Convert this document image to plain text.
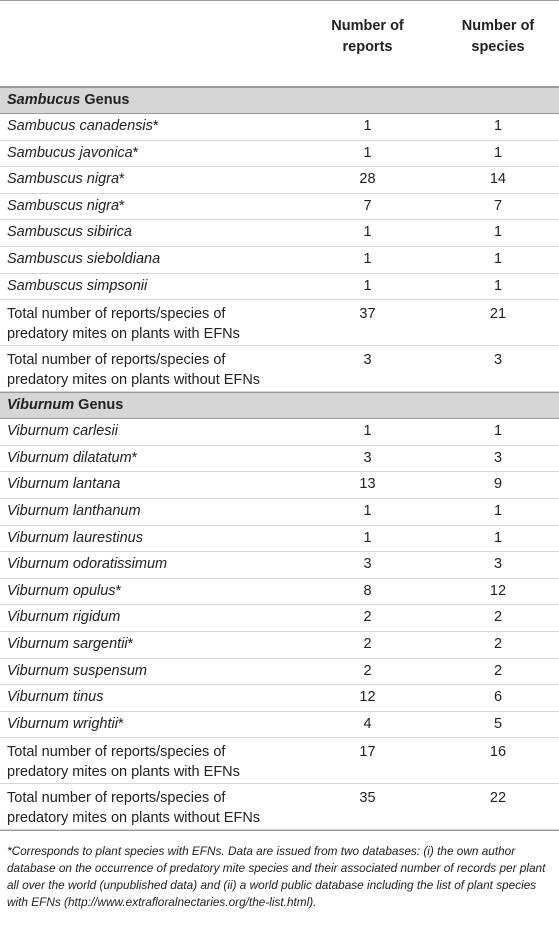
Number of
reports
Number of
species
Sambucus Genus
Sambucus canadensis*	1	1
Sambucus javonica*	1	1
Sambuscus nigra*	28	14
Sambuscus nigra*	7	7
Sambuscus sibirica	1	1
Sambuscus sieboldiana	1	1
Sambuscus simpsonii	1	1
Total number of reports/species of
predatory mites on plants with EFNs
37	21
Total number of reports/species of
predatory mites on plants without EFNs
3	3
Viburnum Genus
Viburnum carlesii	1	1
Viburnum dilatatum*	3	3
Viburnum lantana	13	9
Viburnum lanthanum	1	1
Viburnum laurestinus	1	1
Viburnum odoratissimum	3	3
Viburnum opulus*	8	12
Viburnum rigidum	2	2
Viburnum sargentii*	2	2
Viburnum suspensum	2	2
Viburnum tinus	12	6
Viburnum wrightii*	4	5
Total number of reports/species of
predatory mites on plants with EFNs
17	16
Total number of reports/species of
predatory mites on plants without EFNs
35	22
*Corresponds to plant species with EFNs. Data are issued from two databases: (i) the own author database on the occurrence of predatory mite species and their associated number of records per plant all over the world (unpublished data) and (ii) a world public database including the list of plant species with EFNs (http://www.extrafloralnectaries.org/the-list.html).
